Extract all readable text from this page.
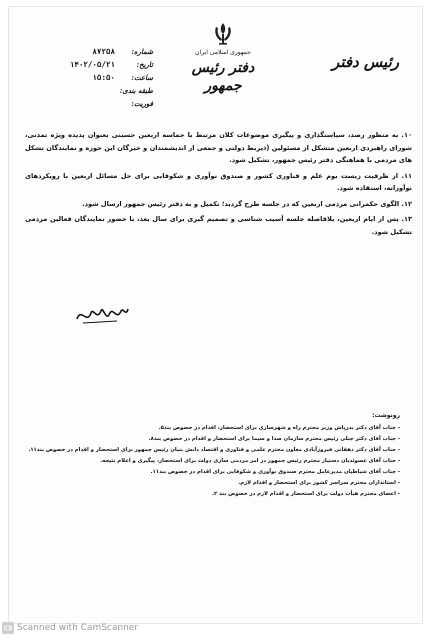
جمهوری اسلامی ایران
دفتر رئیس جمهور
رئیس دفتر
شماره:
۸۷۲۵۸
تاریخ:
۱۴۰۲/۰۵/۲۱
ساعت:
۱۵:۵۰
طبقه بندی:
فوریت:

۱۰. به منظور رصد، سیاستگذاری و پیگیری موضوعات کلان مرتبط با حماسه اربعین حسینی بعنوان پدیده ویژه تمدنی، شورای راهبردی اربعین متشکل از مسئولین (ذیربط دولتی و جمعی از اندیشمندان و خبرگان این حوزه و نمایندگان تشکل های مردمی با هماهنگی دفتر رئیس جمهور، تشکیل شود.

۱۱. از ظرفیت زیست بوم علم و فناوری کشور و صندوق نوآوری و شکوفایی برای حل مسائل اربعین با رویکردهای نوآورانه، استفاده شود.

۱۲. الگوی حکمرانی مردمی اربعین که در جلسه طرح گردید؛ تکمیل و به دفتر رئیس جمهور ارسال شود.

۱۳. پس از ایام اربعین، بلافاصله جلسه آسیب شناسی و تصمیم گیری برای سال بعد، با حضور نمایندگان فعالین مردمی تشکیل شود.

رونوشت:
- جناب آقای دکتر بذرپاش وزیر محترم راه و شهرسازی برای استحضار، اقدام در خصوص بند۵.
- جناب آقای دکتر جبلی رئیس محترم سازمان صدا و سیما برای استحضار و اقدام در خصوص بند۸.
- جناب آقای دکتر دهقانی فیروزآبادی معاون محترم علمی و فناوری و اقتصاد دانش بنیان رئیس جمهور برای استحضار و اقدام در خصوص بند۱۱.
- جناب آقای عسوئدیان دستیار محترم رئیس جمهور در امر مردمی سازی دولت برای استحضار، پیگیری و اعلام نتیجه.
- جناب آقای شیاطیان مدیرعامل محترم صندوق نوآوری و شکوفایی برای اقدام در خصوص بند۱۱.
- استانداران محترم سراسر کشور برای استحضار و اقدام لازم.
- اعضای محترم هیأت دولت برای استحضار و اقدام لازم در خصوص بند ۲.
CS Scanned with CamScanner
